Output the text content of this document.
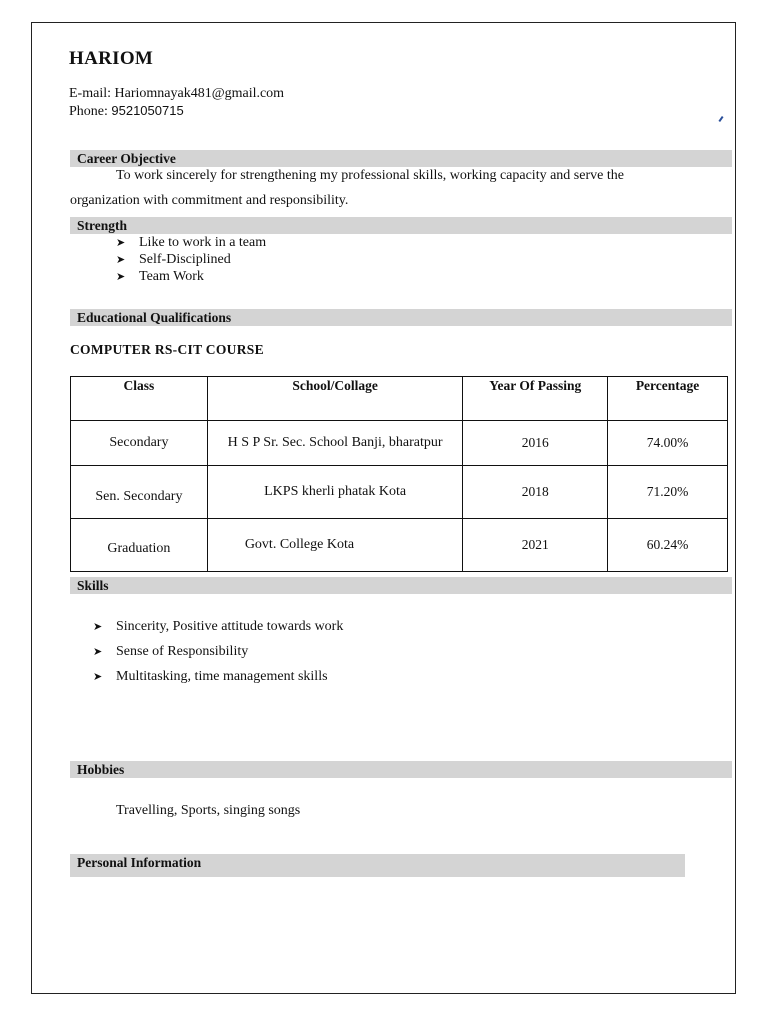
HARIOM
E-mail: Hariomnayak481@gmail.com
Phone: 9521050715
Career Objective
To work sincerely for strengthening my professional skills, working capacity and serve the
organization with commitment and responsibility.
Strength
➤ Like to work in a team
➤ Self-Disciplined
➤ Team Work
Educational Qualifications
COMPUTER RS-CIT COURSE
Class	School/Collage	Year Of Passing	Percentage
Secondary	H S P Sr. Sec. School Banji, bharatpur	2016	74.00%
Sen. Secondary	LKPS kherli phatak Kota	2018	71.20%
Graduation	Govt. College Kota	2021	60.24%
Skills
➤ Sincerity, Positive attitude towards work
➤ Sense of Responsibility
➤ Multitasking, time management skills
Hobbies
Travelling, Sports, singing songs
Personal Information
